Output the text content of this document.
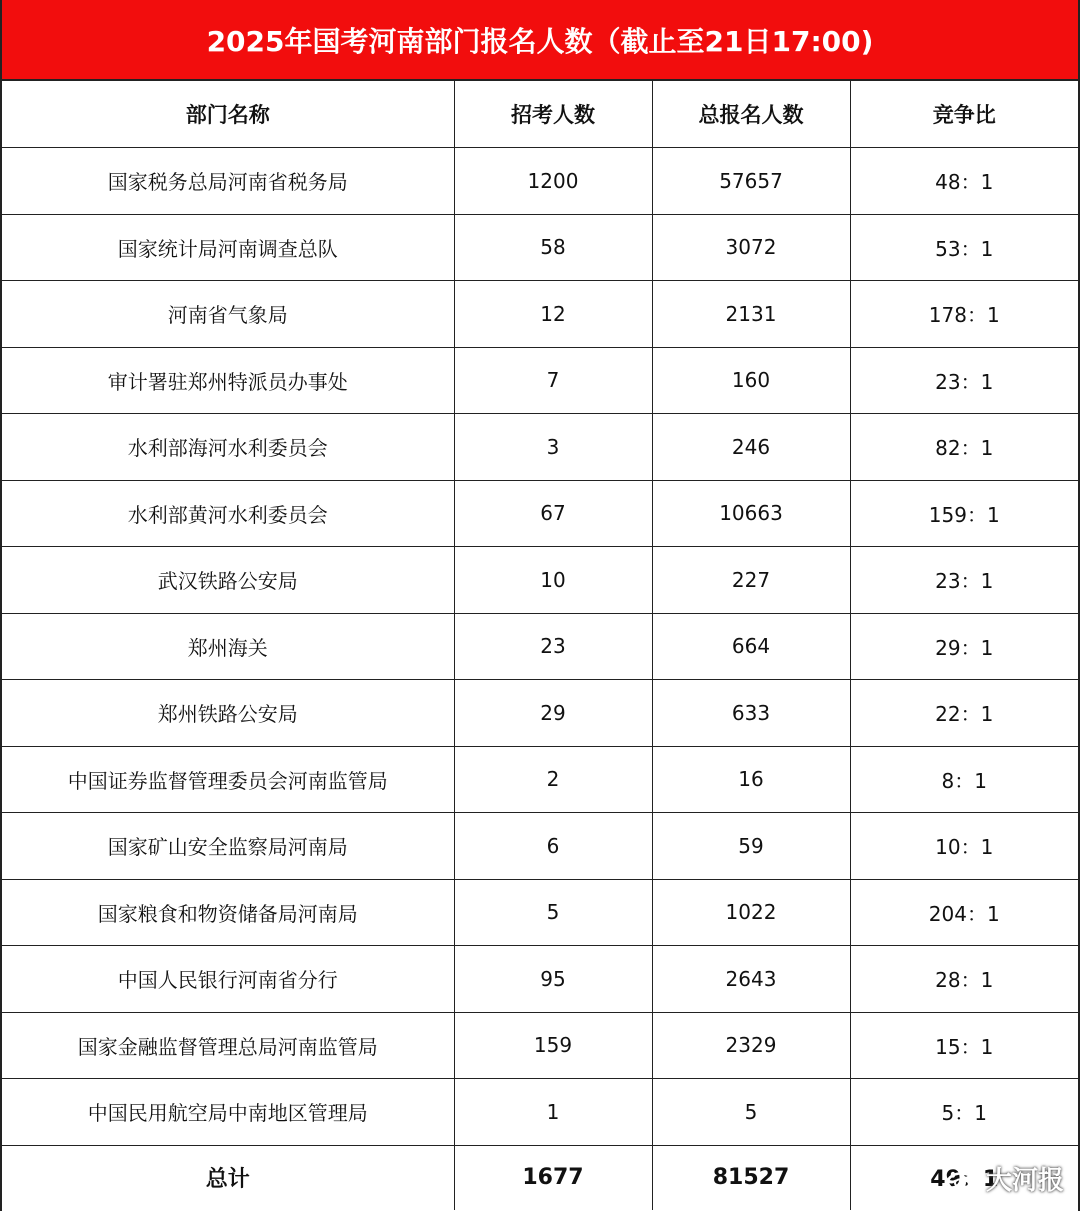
2025年国考河南部门报名人数（截止至21日17:00)
部门名称	招考人数	总报名人数	竞争比
国家税务总局河南省税务局	1200	57657	48：1
国家统计局河南调查总队	58	3072	53：1
河南省气象局	12	2131	178：1
审计署驻郑州特派员办事处	7	160	23：1
水利部海河水利委员会	3	246	82：1
水利部黄河水利委员会	67	10663	159：1
武汉铁路公安局	10	227	23：1
郑州海关	23	664	29：1
郑州铁路公安局	29	633	22：1
中国证券监督管理委员会河南监管局	2	16	8：1
国家矿山安全监察局河南局	6	59	10：1
国家粮食和物资储备局河南局	5	1022	204：1
中国人民银行河南省分行	95	2643	28：1
国家金融监督管理总局河南监管局	159	2329	15：1
中国民用航空局中南地区管理局	1	5	5：1
总计	1677	81527	49：1
大河报
